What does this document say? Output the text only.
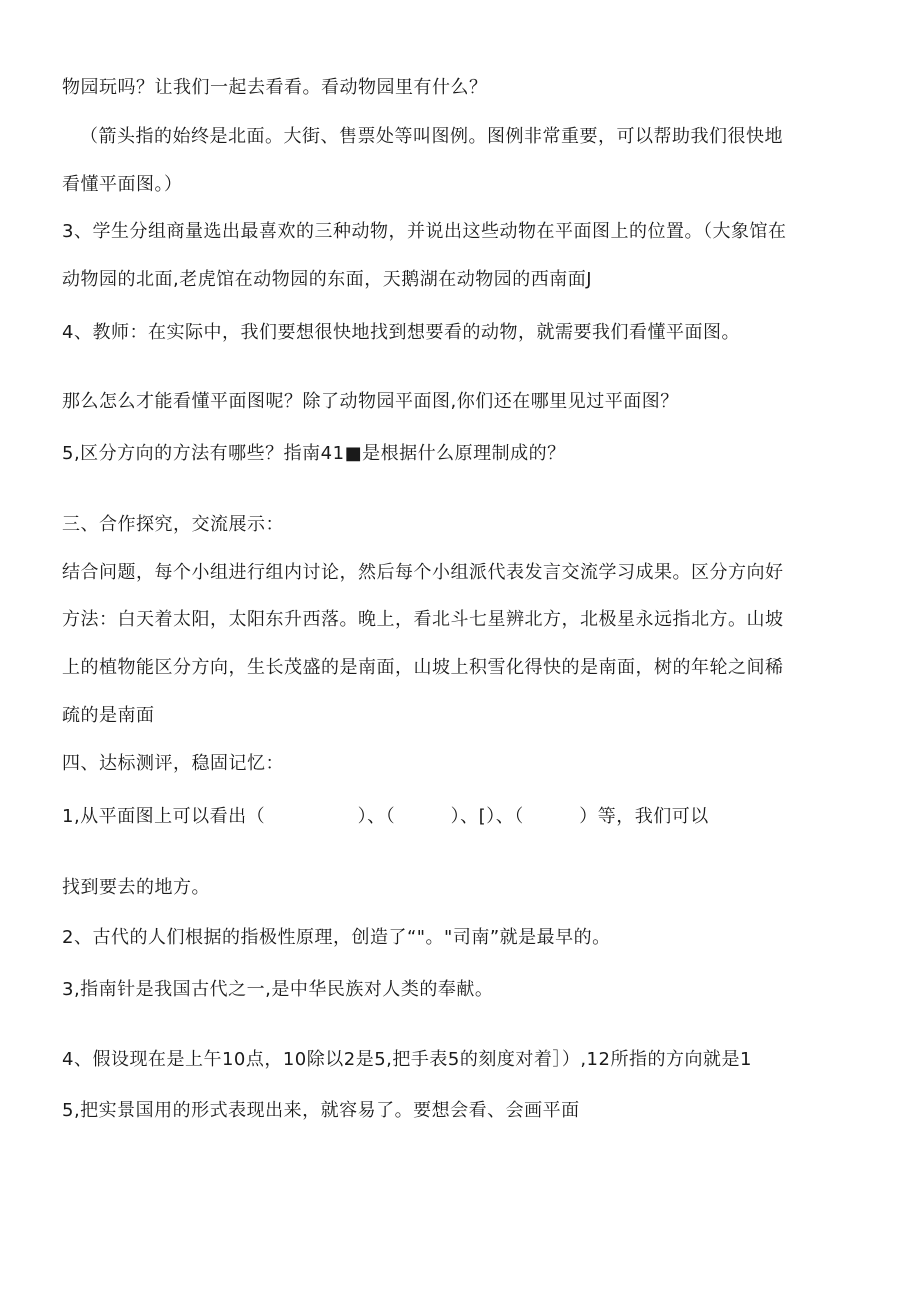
物园玩吗？让我们一起去看看。看动物园里有什么？
（箭头指的始终是北面。大街、售票处等叫图例。图例非常重要，可以帮助我们很快地
看懂平面图。）
3、学生分组商量选出最喜欢的三种动物，并说出这些动物在平面图上的位置。（大象馆在
动物园的北面,老虎馆在动物园的东面，天鹅湖在动物园的西南面J
4、教师：在实际中，我们要想很快地找到想要看的动物，就需要我们看懂平面图。
那么怎么才能看懂平面图呢？除了动物园平面图,你们还在哪里见过平面图？
5,区分方向的方法有哪些？指南41■是根据什么原理制成的？
三、合作探究，交流展示：
结合问题，每个小组进行组内讨论，然后每个小组派代表发言交流学习成果。区分方向好
方法：白天着太阳，太阳东升西落。晚上，看北斗七星辨北方，北极星永远指北方。山坡
上的植物能区分方向，生长茂盛的是南面，山坡上积雪化得快的是南面，树的年轮之间稀
疏的是南面
四、达标测评，稳固记忆：
1,从平面图上可以看出（　　　　　）、（　　　）、[）、（　　　）等，我们可以
找到要去的地方。
2、古代的人们根据的指极性原理，创造了“"。"司南”就是最早的。
3,指南针是我国古代之一,是中华民族对人类的奉献。
4、假设现在是上午10点，10除以2是5,把手表5的刻度对着］）,12所指的方向就是1
5,把实景国用的形式表现出来，就容易了。要想会看、会画平面
